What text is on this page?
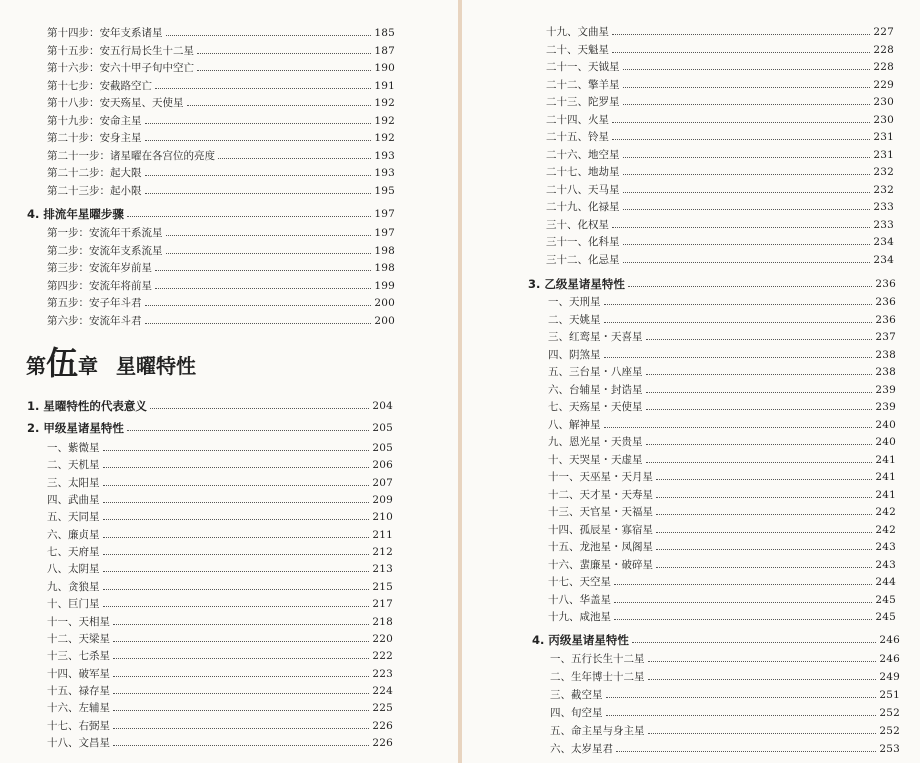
第 伍 章 星曜特性
第十四步：安年支系诸星	185
第十五步：安五行局长生十二星	187
第十六步：安六十甲子旬中空亡	190
第十七步：安截路空亡	191
第十八步：安天殇星、天使星	192
第十九步：安命主星	192
第二十步：安身主星	192
第二十一步：诸星曜在各宫位的亮度	193
第二十二步：起大限	193
第二十三步：起小限	195
4. 排流年星曜步骤	197
第一步：安流年干系流星	197
第二步：安流年支系流星	198
第三步：安流年岁前星	198
第四步：安流年将前星	199
第五步：安子年斗君	200
第六步：安流年斗君	200
1. 星曜特性的代表意义	204
2. 甲级星诸星特性	205
一、紫微星	205
二、天机星	206
三、太阳星	207
四、武曲星	209
五、天同星	210
六、廉贞星	211
七、天府星	212
八、太阴星	213
九、贪狼星	215
十、巨门星	217
十一、天相星	218
十二、天梁星	220
十三、七杀星	222
十四、破军星	223
十五、禄存星	224
十六、左辅星	225
十七、右弼星	226
十八、文昌星	226
十九、文曲星	227
二十、天魁星	228
二十一、天钺星	228
二十二、擎羊星	229
二十三、陀罗星	230
二十四、火星	230
二十五、铃星	231
二十六、地空星	231
二十七、地劫星	232
二十八、天马星	232
二十九、化禄星	233
三十、化权星	233
三十一、化科星	234
三十二、化忌星	234
3. 乙级星诸星特性	236
一、天刑星	236
二、天姚星	236
三、红鸾星・天喜星	237
四、阴煞星	238
五、三台星・八座星	238
六、台辅星・封诰星	239
七、天殇星・天使星	239
八、解神星	240
九、恩光星・天贵星	240
十、天哭星・天虚星	241
十一、天巫星・天月星	241
十二、天才星・天寿星	241
十三、天官星・天福星	242
十四、孤辰星・寡宿星	242
十五、龙池星・凤阁星	243
十六、蜚廉星・破碎星	243
十七、天空星	244
十八、华盖星	245
十九、咸池星	245
4. 丙级星诸星特性	246
一、五行长生十二星	246
二、生年博士十二星	249
三、截空星	251
四、旬空星	252
五、命主星与身主星	252
六、太岁星君	253
